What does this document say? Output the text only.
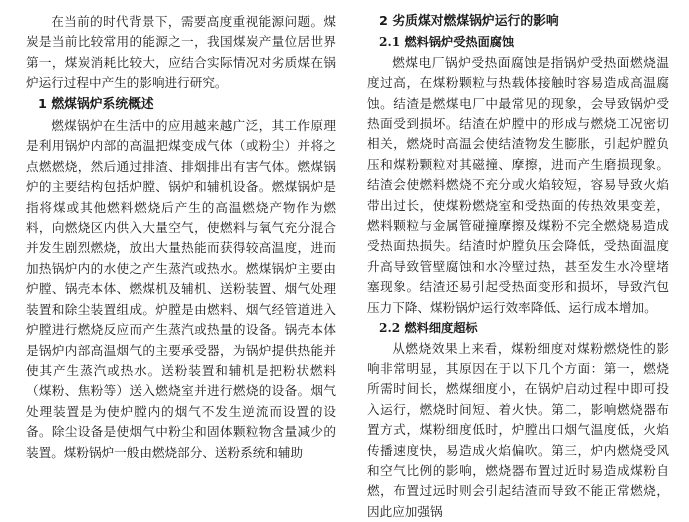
在当前的时代背景下，需要高度重视能源问题。煤炭是当前比较常用的能源之一，我国煤炭产量位居世界第一，煤炭消耗比较大，应结合实际情况对劣质煤在锅炉运行过程中产生的影响进行研究。

1 燃煤锅炉系统概述

燃煤锅炉在生活中的应用越来越广泛，其工作原理是利用锅炉内部的高温把煤变成气体（或粉尘）并将之点燃燃烧，然后通过排渣、排烟排出有害气体。燃煤锅炉的主要结构包括炉膛、锅炉和辅机设备。燃煤锅炉是指将煤或其他燃料燃烧后产生的高温燃烧产物作为燃料，向燃烧区内供入大量空气，使燃料与氧气充分混合并发生剧烈燃烧，放出大量热能而获得较高温度，进而加热锅炉内的水使之产生蒸汽或热水。燃煤锅炉主要由炉膛、锅壳本体、燃煤机及辅机、送粉装置、烟气处理装置和除尘装置组成。炉膛是由燃料、烟气经管道进入炉膛进行燃烧反应而产生蒸汽或热量的设备。锅壳本体是锅炉内部高温烟气的主要承受器，为锅炉提供热能并使其产生蒸汽或热水。送粉装置和辅机是把粉状燃料（煤粉、焦粉等）送入燃烧室并进行燃烧的设备。烟气处理装置是为使炉膛内的烟气不发生逆流而设置的设备。除尘设备是使烟气中粉尘和固体颗粒物含量减少的装置。煤粉锅炉一般由燃烧部分、送粉系统和辅助

2 劣质煤对燃煤锅炉运行的影响
2.1 燃料锅炉受热面腐蚀

燃煤电厂锅炉受热面腐蚀是指锅炉受热面燃烧温度过高，在煤粉颗粒与热载体接触时容易造成高温腐蚀。结渣是燃煤电厂中最常见的现象，会导致锅炉受热面受到损坏。结渣在炉膛中的形成与燃烧工况密切相关，燃烧时高温会使结渣物发生膨胀，引起炉膛负压和煤粉颗粒对其磁撞、摩擦，进而产生磨损现象。结渣会使燃料燃烧不充分或火焰较短，容易导致火焰带出过长，使煤粉燃烧室和受热面的传热效果变差，燃料颗粒与金属管碰撞摩擦及煤粉不完全燃烧易造成受热面热损失。结渣时炉膛负压会降低，受热面温度升高导致管壁腐蚀和水冷壁过热，甚至发生水冷壁堵塞现象。结渣还易引起受热面变形和损坏，导致汽包压力下降、煤粉锅炉运行效率降低、运行成本增加。

2.2 燃料细度超标

从燃烧效果上来看，煤粉细度对煤粉燃烧性的影响非常明显，其原因在于以下几个方面：第一，燃烧所需时间长，燃煤细度小，在锅炉启动过程中即可投入运行，燃烧时间短、着火快。第二，影响燃烧器布置方式，煤粉细度低时，炉膛出口烟气温度低，火焰传播速度快，易造成火焰偏吹。第三，炉内燃烧受风和空气比例的影响，燃烧器布置过近时易造成煤粉自燃，布置过远时则会引起结渣而导致不能正常燃烧，因此应加强锅
